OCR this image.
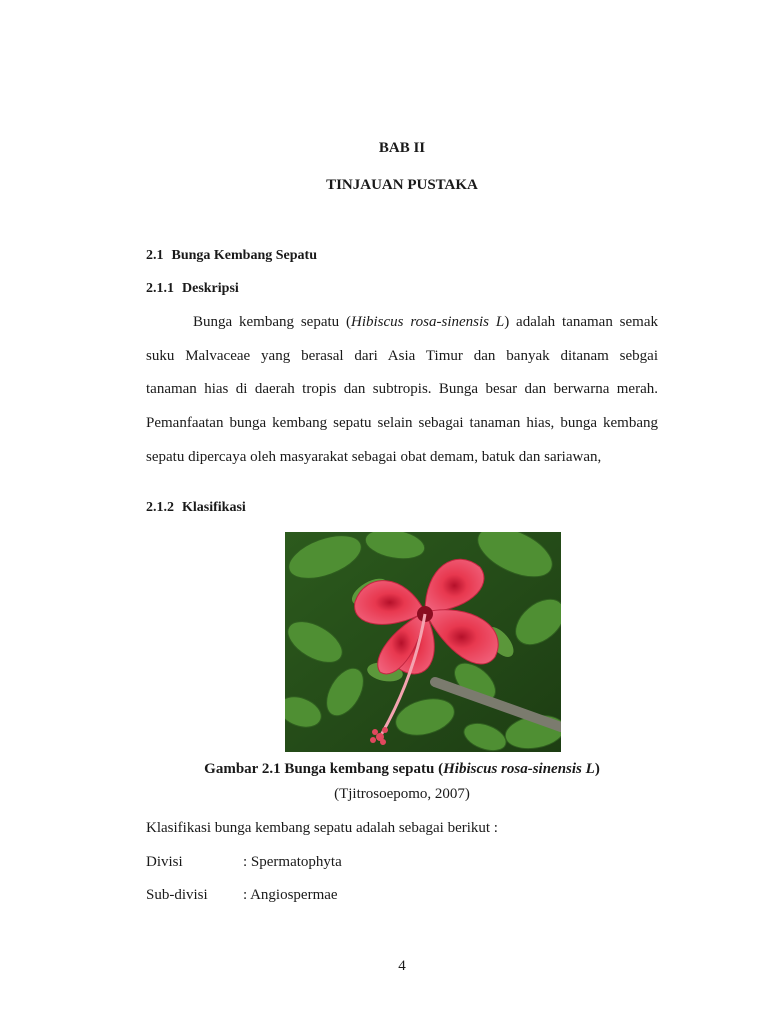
BAB II
TINJAUAN PUSTAKA
2.1 Bunga Kembang Sepatu
2.1.1 Deskripsi
Bunga kembang sepatu (Hibiscus rosa-sinensis L) adalah tanaman semak
suku Malvaceae yang berasal dari Asia Timur dan banyak ditanam sebgai
tanaman hias di daerah tropis dan subtropis. Bunga besar dan berwarna merah.
Pemanfaatan bunga kembang sepatu selain sebagai tanaman hias, bunga kembang
sepatu dipercaya oleh masyarakat sebagai obat demam, batuk dan sariawan,
2.1.2 Klasifikasi
Gambar 2.1 Bunga kembang sepatu (Hibiscus rosa-sinensis L)
(Tjitrosoepomo, 2007)
Klasifikasi bunga kembang sepatu adalah sebagai berikut :
Divisi	: Spermatophyta
Sub-divisi : Angiospermae
4
